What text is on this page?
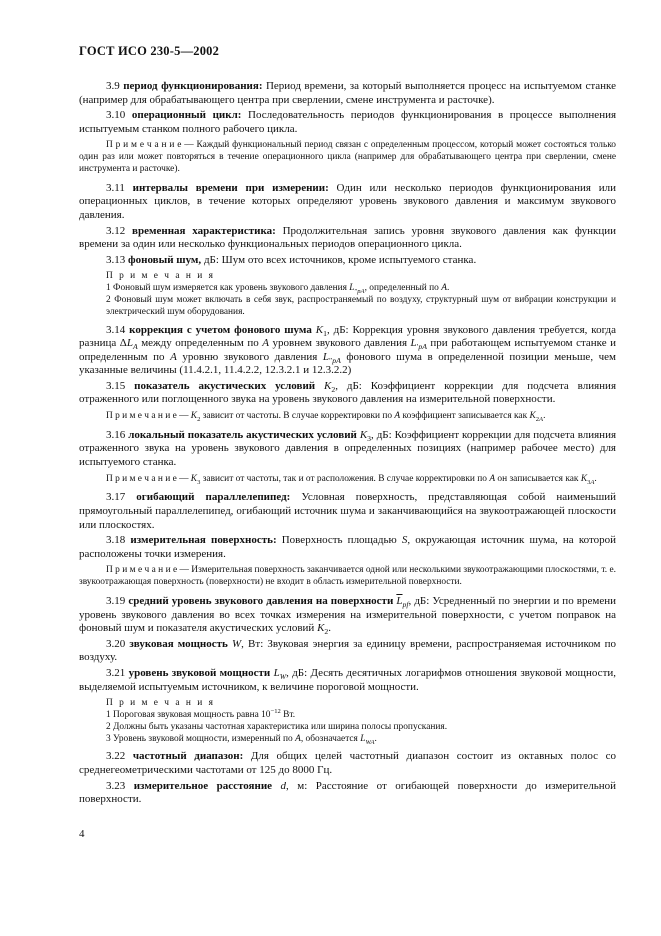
ГОСТ ИСО 230-5—2002

3.9 период функционирования: Период времени, за который выполняется процесс на испытуемом станке (например для обрабатывающего центра при сверлении, смене инструмента и расточке).

3.10 операционный цикл: Последовательность периодов функционирования в процессе выполнения испытуемым станком полного рабочего цикла.

П р и м е ч а н и е — Каждый функциональный период связан с определенным процессом, который может состояться только один раз или может повторяться в течение операционного цикла (например для обрабатывающего центра при сверлении, смене инструмента и расточке).

3.11 интервалы времени при измерении: Один или несколько периодов функционирования или операционных циклов, в течение которых определяют уровень звукового давления и максимум звукового давления.

3.12 временная характеристика: Продолжительная запись уровня звукового давления как функции времени за один или несколько функциональных периодов операционного цикла.

3.13 фоновый шум, дБ: Шум ото всех источников, кроме испытуемого станка.

П р и м е ч а н и я
1 Фоновый шум измеряется как уровень звукового давления $L_{''pA}$, определенный по A.
2 Фоновый шум может включать в себя звук, распространяемый по воздуху, структурный шум от вибрации конструкции и электрический шум оборудования.

3.14 коррекция с учетом фонового шума $K_1$, дБ: Коррекция уровня звукового давления требуется, когда разница $\Delta L_A$ между определенным по A уровнем звукового давления $L_{'pA}$ при работающем испытуемом станке и определенным по A уровню звукового давления $L_{''pA}$ фонового шума в определенной позиции меньше, чем указанные величины (11.4.2.1, 11.4.2.2, 12.3.2.1 и 12.3.2.2)

3.15 показатель акустических условий $K_2$, дБ: Коэффициент коррекции для подсчета влияния отраженного или поглощенного звука на уровень звукового давления на измерительной поверхности.

П р и м е ч а н и е — $K_2$ зависит от частоты. В случае корректировки по A коэффициент записывается как $K_{2A}$.

3.16 локальный показатель акустических условий $K_3$, дБ: Коэффициент коррекции для подсчета влияния отраженного звука на уровень звукового давления в определенных позициях (например рабочее место) для испытуемого станка.

П р и м е ч а н и е — $K_3$ зависит от частоты, так и от расположения. В случае корректировки по A он записывается как $K_{3A}$.

3.17 огибающий параллелепипед: Условная поверхность, представляющая собой наименьший прямоугольный параллелепипед, огибающий источник шума и заканчивающийся на звукоотражающей плоскости или плоскостях.

3.18 измерительная поверхность: Поверхность площадью S, окружающая источник шума, на которой расположены точки измерения.

П р и м е ч а н и е — Измерительная поверхность заканчивается одной или несколькими звукоотражающими плоскостями, т. е. звукоотражающая поверхность (поверхности) не входит в область измерительной поверхности.

3.19 средний уровень звукового давления на поверхности $\overline{L}_{pf}$, дБ: Усредненный по энергии и по времени уровень звукового давления во всех точках измерения на измерительной поверхности, с учетом поправок на фоновый шум и показателя акустических условий $K_2$.

3.20 звуковая мощность W, Вт: Звуковая энергия за единицу времени, распространяемая источником по воздуху.

3.21 уровень звуковой мощности $L_W$, дБ: Десять десятичных логарифмов отношения звуковой мощности, выделяемой испытуемым источником, к величине пороговой мощности.

П р и м е ч а н и я
1 Пороговая звуковая мощность равна $10^{-12}$ Вт.
2 Должны быть указаны частотная характеристика или ширина полосы пропускания.
3 Уровень звуковой мощности, измеренный по A, обозначается $L_{WA}$.

3.22 частотный диапазон: Для общих целей частотный диапазон состоит из октавных полос со среднегеометрическими частотами от 125 до 8000 Гц.

3.23 измерительное расстояние d, м: Расстояние от огибающей поверхности до измерительной поверхности.

4
